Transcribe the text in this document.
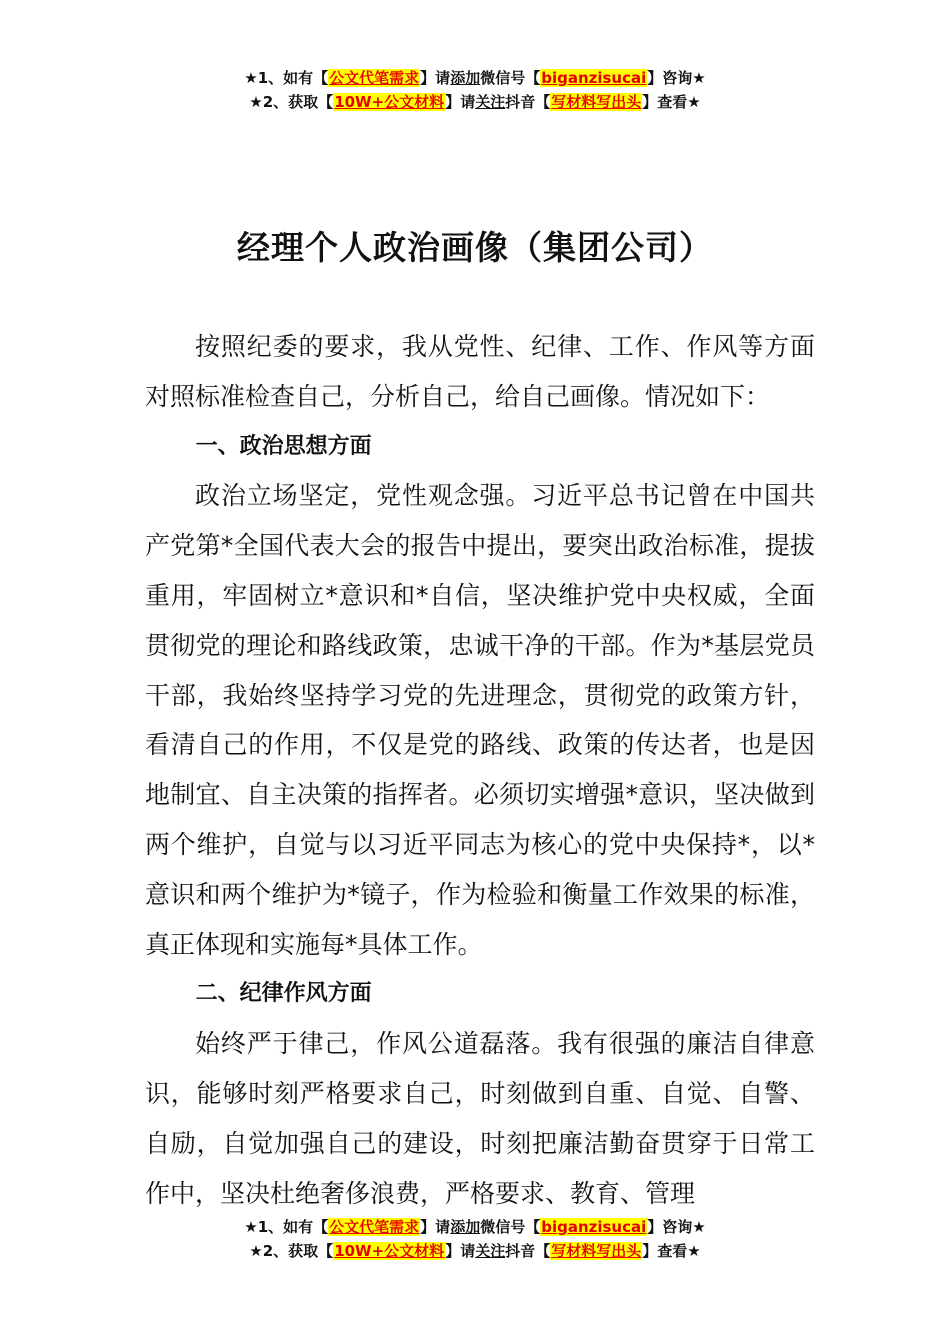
★1、如有【公文代笔需求】请添加微信号【biganzisucai】咨询★
★2、获取【10W+公文材料】请关注抖音【写材料写出头】查看★
经理个人政治画像（集团公司）

按照纪委的要求，我从党性、纪律、工作、作风等方面对照标准检查自己，分析自己，给自己画像。情况如下：

一、政治思想方面

政治立场坚定，党性观念强。习近平总书记曾在中国共产党第*全国代表大会的报告中提出，要突出政治标准，提拔重用，牢固树立*意识和*自信，坚决维护党中央权威，全面贯彻党的理论和路线政策，忠诚干净的干部。作为*基层党员干部，我始终坚持学习党的先进理念，贯彻党的政策方针，看清自己的作用，不仅是党的路线、政策的传达者，也是因地制宜、自主决策的指挥者。必须切实增强*意识，坚决做到两个维护，自觉与以习近平同志为核心的党中央保持*，以*意识和两个维护为*镜子，作为检验和衡量工作效果的标准，真正体现和实施每*具体工作。

二、纪律作风方面

始终严于律己，作风公道磊落。我有很强的廉洁自律意识，能够时刻严格要求自己，时刻做到自重、自觉、自警、自励，自觉加强自己的建设，时刻把廉洁勤奋贯穿于日常工作中，坚决杜绝奢侈浪费，严格要求、教育、管理

★1、如有【公文代笔需求】请添加微信号【biganzisucai】咨询★
★2、获取【10W+公文材料】请关注抖音【写材料写出头】查看★
